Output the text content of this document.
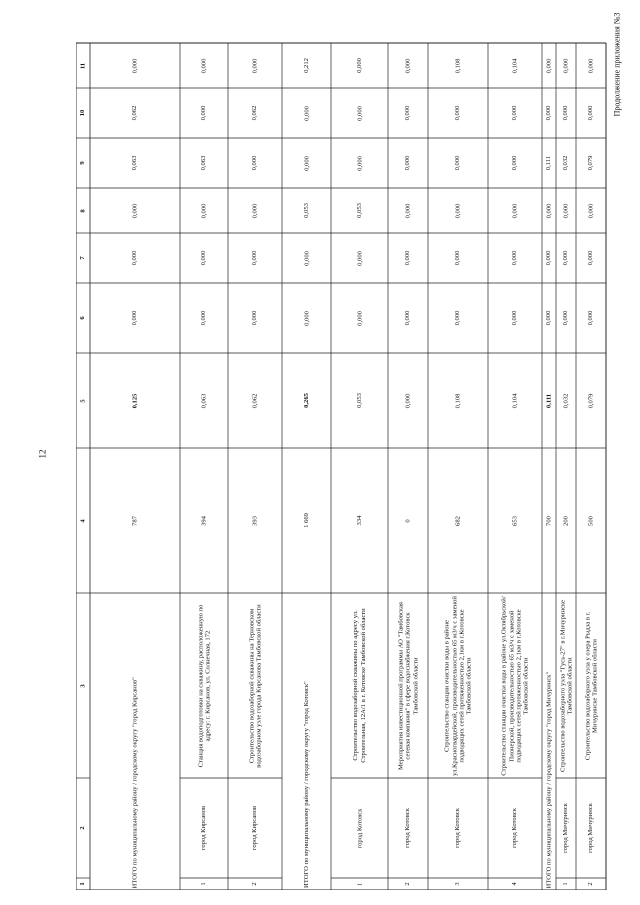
12
Продолжение приложения №3
1
2
3
4
5
6
7
8
9
10
11
ИТОГО по муниципальному району / городскому округу "город Кирсанов"
787
0,125
0,000
0,000
0,000
0,063
0,062
0,000
1
город Кирсанов
Станция водоподготовки на скважину, расположенную по адресу: г. Кирсанов, ул. Солнечная, 172
394
0,063
0,000
0,000
0,000
0,063
0,000
0,000
2
город Кирсанов
Строительство водозаборной скважины на Терновском водозаборном узле города Кирсанова Тамбовской области
393
0,062
0,000
0,000
0,000
0,000
0,062
0,000
ИТОГО по муниципальному району / городскому округу "город Котовск"
1 669
0,265
0,000
0,000
0,053
0,000
0,000
0,212
1
город Котовск
Строительство водозаборной скважины по адресу ул. Строительная, 12А/1 в г. Котовске Тамбовской области
334
0,053
0,000
0,000
0,053
0,000
0,000
0,000
2
город Котовск
Мероприятия инвестиционной программы АО "Тамбовская сетевая компания" в сфере водоснабжения г.Котовск Тамбовской области
0
0,000
0,000
0,000
0,000
0,000
0,000
0,000
3
город Котовск
Строительство станции очистки воды в районе ул.Красногвардейской, производительностью 65 м3/ч с заменой подводящих сетей протяженностью 2,1км в г.Котовске Тамбовской области
682
0,108
0,000
0,000
0,000
0,000
0,000
0,108
4
город Котовск
Строительство станции очистки воды в районе ул.Октябрьской/Пионерской, производительностью 65 м3/ч с заменой подводящих сетей протяженностью 2,1км в г.Котовске Тамбовской области
653
0,104
0,000
0,000
0,000
0,000
0,000
0,104
ИТОГО по муниципальному району / городскому округу "город Мичуринск"
700
0,111
0,000
0,000
0,000
0,111
0,000
0,000
1
город Мичуринск
Строительство водозаборного узла "Гусь-27" в г.Мичуринске Тамбовской области
200
0,032
0,000
0,000
0,000
0,032
0,000
0,000
2
город Мичуринск
Строительство водозаборного узла у озера Рыдза в г. Мичуринске Тамбовской области
500
0,079
0,000
0,000
0,000
0,079
0,000
0,000
